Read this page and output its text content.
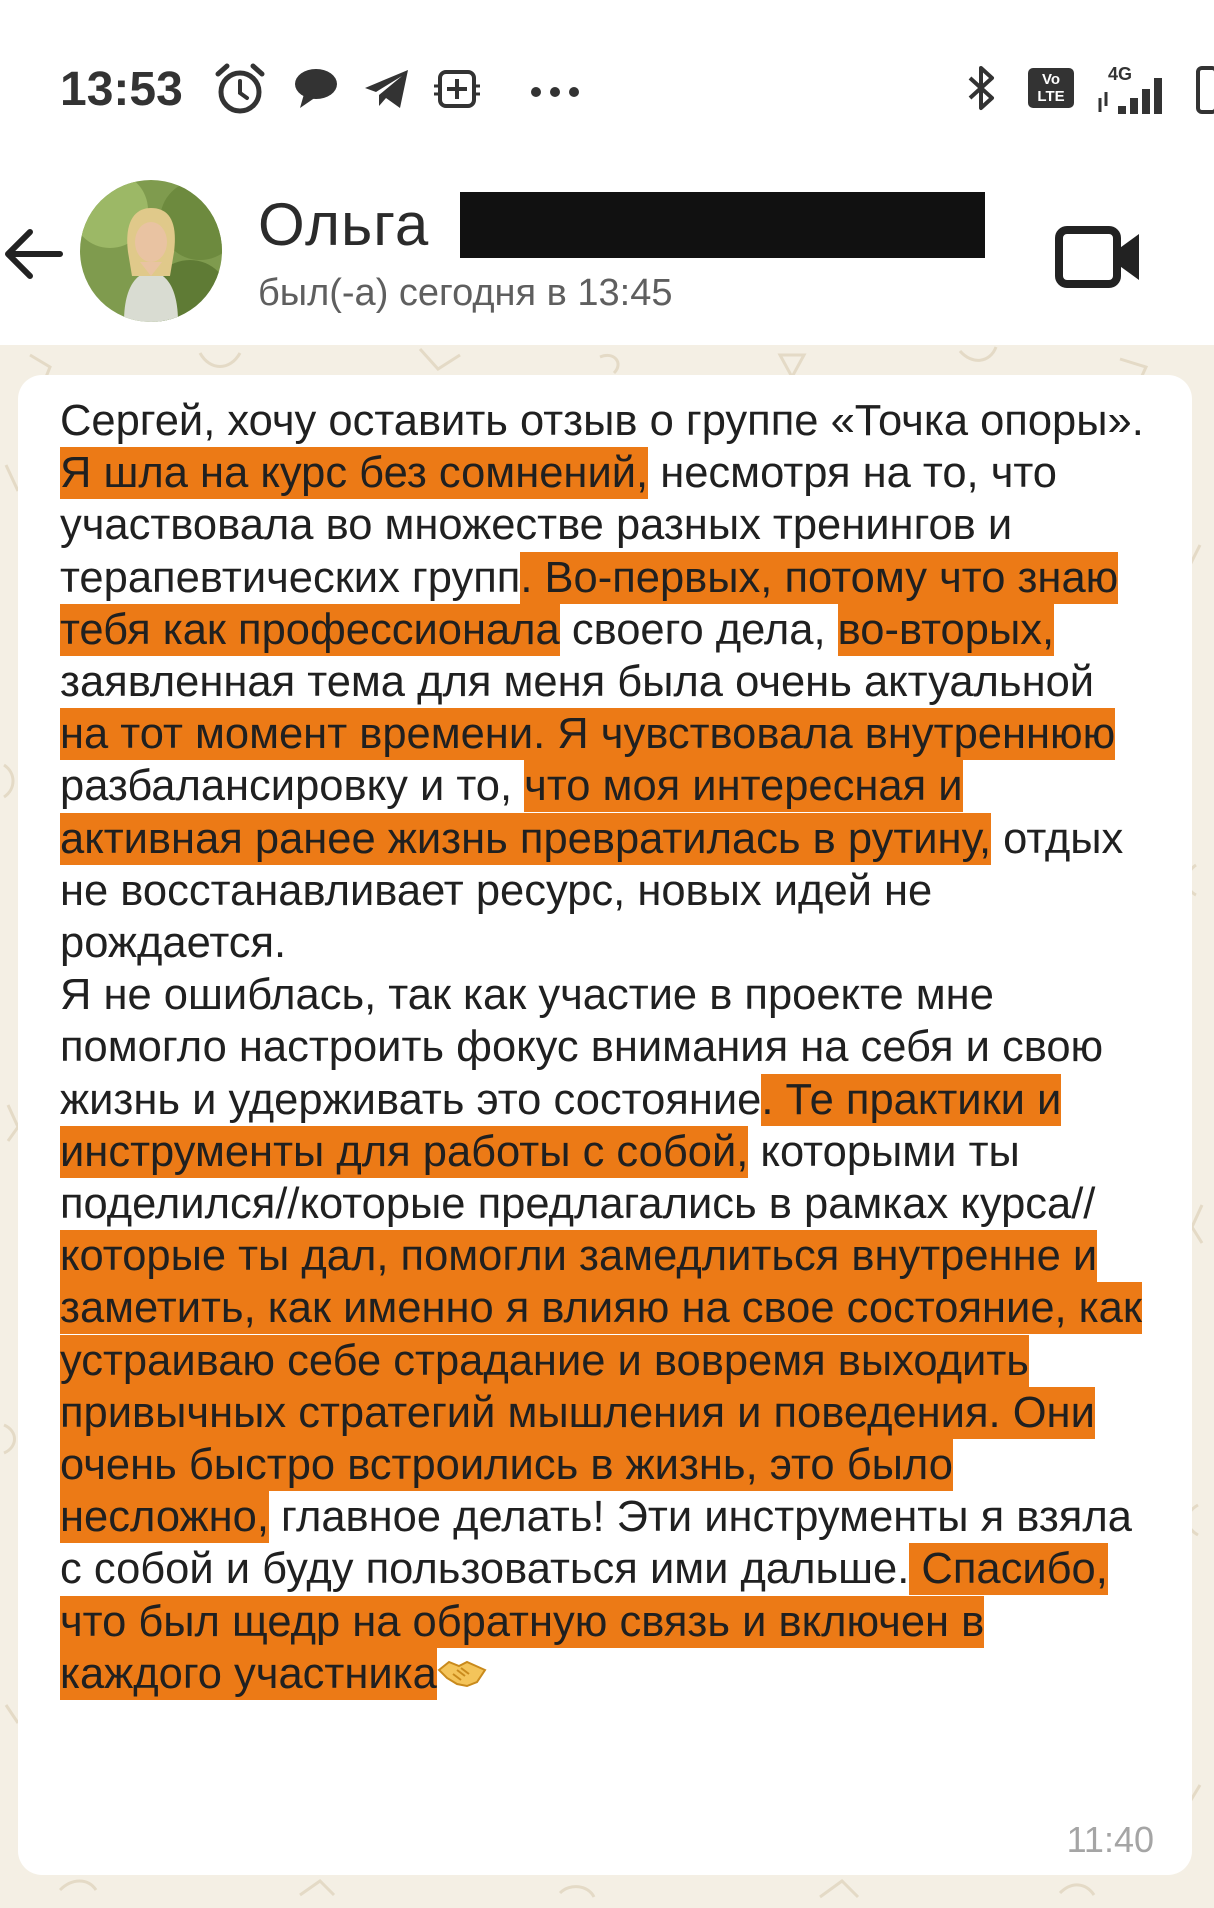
13:53	Vo LTE
4G
Ольга
был(-а) сегодня в 13:45
Сергей, хочу оставить отзыв о группе «Точка опоры».
Я шла на курс без сомнений, несмотря на то, что участвовала во множестве разных тренингов и терапевтических групп. Во-первых, потому что знаю тебя как профессионала своего дела, во-вторых, заявленная тема для меня была очень актуальной на тот момент времени. Я чувствовала внутреннюю разбалансировку и то, что моя интересная и активная ранее жизнь превратилась в рутину, отдых не восстанавливает ресурс, новых идей не рождается.
Я не ошиблась, так как участие в проекте мне помогло настроить фокус внимания на себя и свою жизнь и удерживать это состояние. Те практики и инструменты для работы с собой, которыми ты поделился//которые предлагались в рамках курса//которые ты дал, помогли замедлиться внутренне и заметить, как именно я влияю на свое состояние, как устраиваю себе страдание и вовремя выходить привычных стратегий мышления и поведения. Они очень быстро встроились в жизнь, это было несложно, главное делать! Эти инструменты я взяла с собой и буду пользоваться ими дальше. Спасибо, что был щедр на обратную связь и включен в каждого участника
11:40
